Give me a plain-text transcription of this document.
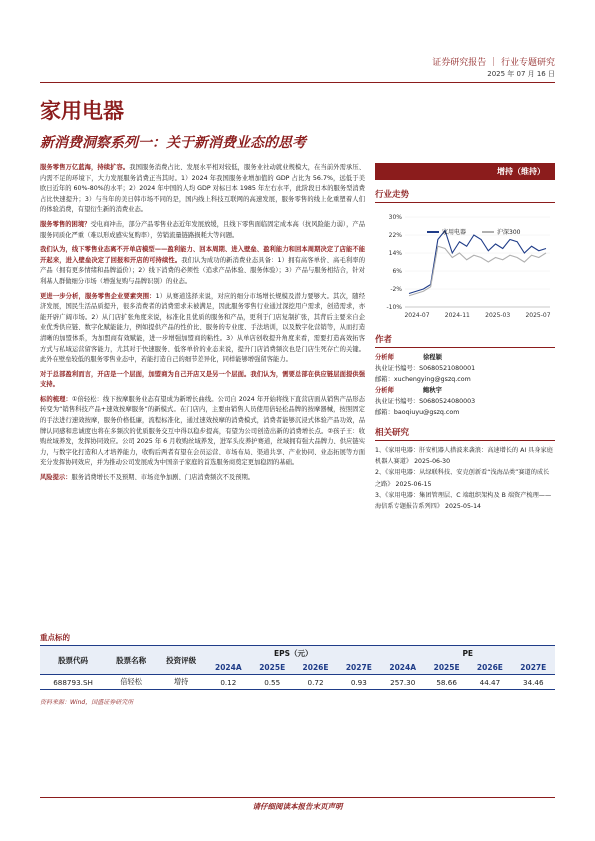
证券研究报告 ｜ 行业专题研究
2025 年 07 月 16 日
家用电器
新消费洞察系列一：关于新消费业态的思考

服务零售万亿蓝海，持续扩容。我国服务消费占比、发展水平相对较低，服务业社动就业规模大，在当前外需承压、内需不足的环境下，大力发展服务消费正当其时。1）2024 年我国服务业增加值的 GDP 占比为 56.7%，远低于美欧日近年的 60%-80%的水平；2）2024 年中国的人均 GDP 对标日本 1985 年左右水平，此阶段日本的服务型消费占比快速提升；3）与当年的美日韩市场不同的是，国内线上科技互联网的高速发展，服务零售的线上化重塑着人们的体验消费，有望衍生新的消费业态。

服务零售的困境？受电商冲击，部分产品零售业态近年发展放缓，且线下零售面临固定成本高（抗风险能力弱），产品服务同质化严重（难以形成感实复购率），劳销流量链路损耗大等问题。

我们认为，线下零售业态离不开单店模型——盈利能力、回本周期、进入壁垒、盈利能力和回本周期决定了店能不能开起来，进入壁垒决定了回报和开店的可持续性。我们认为成功的新消费业态具备：1）拥有高客单价、高毛利率的产品（拥有更多情绪和品牌溢价）；2）线下消费的必须性（追求产品体验、服务体验）；3）产品与服务相结合，针对利基人群做细分市场（增强复购与品牌识别）的业态。

更进一步分析，服务零售企业要素突围：1）从赛道选择来说，对应的细分市场增长规模及潜力要够大。其次，随经济发展，国民生活品质提升，很多消费者的消费需求未被满足，因此服务零售行业通过深挖用户需求，创造需求，亦能开辟广阔市场。2）从门店扩张角度来说，标准化且优质的服务和产品，更利于门店复制扩张，其背后主要来自企业优秀供应链、数字化赋能能力，例如提供产品的性价比、服务的专业度、手法培训，以及数字化营销等，从而打造清晰的加盟体系，为加盟商有效赋能，进一步增强加盟商的粘性。3）从单店创收提升角度来看，需要打造高效拓客方式与私域运营留客能力，尤其对于快速服务、低客单价的业态来说，提升门店消费频次也是门店生死存亡的关键。此外在壁垒较低的服务零售业态中，若能打造自己的细节差异化，同样能够增强留客能力。

对于总部盈利而言，开店是一个层面，加盟商为自己开店又是另一个层面。我们认为，需要总部在供应链层面提供强支持。

标的梳理：①倍轻松：线下按摩服务业态有望成为新增长曲线。公司自 2024 年开始将线下直营店面从销售产品形态转变为“销售科技产品+速效按摩服务”的新模式。在门店内，主要由销售人员使用倍轻松品牌的按摩器械，按照固定的手法进行速效按摩，服务价格低廉，流程标准化，通过速效按摩的消费模式，消费者能够沉浸式体验产品功效，品牌认同感和忠诚度也将在多频次的优质服务交互中得以稳步提高，有望为公司创造出新的消费增长点。②孩子王：收购丝域养发，发挥协同效应。公司 2025 年 6 月收购丝域养发，进军头皮养护赛道，丝域拥有强大品牌力、供应链实力，与数字化打造和人才培养能力，收购后两者有望在会员运营、市场布局、渠道共享、产业协同、业态拓展等方面充分发挥协同效应，并为推动公司发展成为中国亲子家庭的首选服务商奠定更加稳固的基础。

风险提示：服务消费增长不及预期、市场竞争加剧、门店消费频次不及预期。

增持（维持）
行业走势
30%
22%
14%
6%
-2%
-10%
2024-07	2024-11	2025-03	2025-07
家用电器	沪深300
作者
分析师	徐程颖
执业证书编号： S0680521080001
邮箱： xuchengying@gszq.com
分析师	鲍秋宇
执业证书编号： S0680524080003
邮箱： baoqiuyu@gszq.com
相关研究
1、《家用电器：肝安机器人措波来袭浪：高速增长的 AI 具身家庭机器人赛道》 2025-06-30
2、《家用电器：从绿联科技、安克创新看“浅海品类”赛道的成长之路》 2025-06-15
3、《家用电器：集团管理层、C 端组织架构及 B 端资产梳理——海信系专题报告系列四》 2025-05-14
重点标的
股票代码	股票名称	投资评级	EPS（元）				PE			
			2024A	2025E	2026E	2027E	2024A	2025E	2026E	2027E
688793.SH	倍轻松	增持	0.12	0.55	0.72	0.93	257.30	58.66	44.47	34.46
资料来源：Wind，国盛证券研究所
请仔细阅读本报告末页声明
